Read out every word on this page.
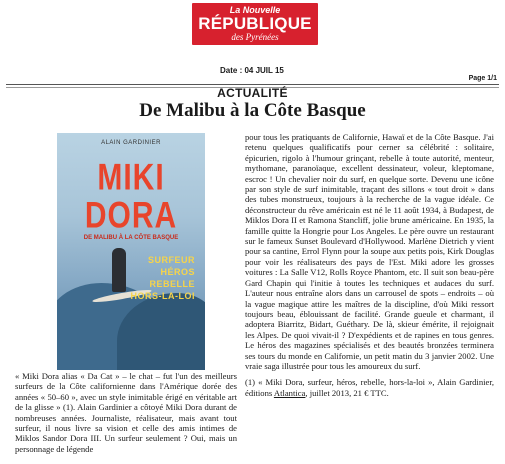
La Nouvelle
RÉPUBLIQUE
des Pyrénées
Date : 04 JUIL 15
Page 1/1
ACTUALITÉ
De Malibu à la Côte Basque
ALAIN GARDINIER
MIKI
DORA
DE MALIBU À LA CÔTE BASQUE
SURFEUR
HÉROS
REBELLE
HORS-LA-LOI

« Miki Dora alias « Da Cat » – le chat – fut l'un des meilleurs surfeurs de la Côte californienne dans l'Amérique dorée des années « 50–60 », avec un style inimitable érigé en véritable art de la glisse » (1). Alain Gardinier a côtoyé Miki Dora durant de nombreuses années. Journaliste, réalisateur, mais avant tout surfeur, il nous livre sa vision et celle des amis intimes de Miklos Sandor Dora III. Un surfeur seulement ? Oui, mais un personnage de légende

pour tous les pratiquants de Californie, Hawaï et de la Côte Basque. J'ai retenu quelques qualificatifs pour cerner sa célébrité : solitaire, épicurien, rigolo à l'humour grinçant, rebelle à toute autorité, menteur, mythomane, paranoïaque, excellent dessinateur, voleur, kleptomane, escroc ! Un chevalier noir du surf, en quelque sorte. Devenu une icône par son style de surf inimitable, traçant des sillons « tout droit » dans des tubes monstrueux, toujours à la recherche de la vague idéale. Ce déconstructeur du rêve américain est né le 11 août 1934, à Budapest, de Miklos Dora II et Ramona Stancliff, jolie brune américaine. En 1935, la famille quitte la Hongrie pour Los Angeles. Le père ouvre un restaurant sur le fameux Sunset Boulevard d'Hollywood. Marlène Dietrich y vient pour sa cantine, Errol Flynn pour la soupe aux petits pois, Kirk Douglas pour voir les réalisateurs des pays de l'Est. Miki adore les grosses voitures : La Salle V12, Rolls Royce Phantom, etc. Il suit son beau-père Gard Chapin qui l'initie à toutes les techniques et audaces du surf. L'auteur nous entraîne alors dans un carrousel de spots – endroits – où la vague magique attire les maîtres de la discipline, d'où Miki ressort toujours beau, éblouissant de facilité. Grande gueule et charmant, il adoptera Biarritz, Bidart, Guéthary. De là, skieur émérite, il rejoignait les Alpes. De quoi vivait-il ? D'expédients et de rapines en tous genres. Le héros des magazines spécialisés et des beautés bronzées terminera ses tours du monde en Californie, un petit matin du 3 janvier 2002. Une vraie saga illustrée pour tous les amoureux du surf.

(1) « Miki Dora, surfeur, héros, rebelle, hors-la-loi », Alain Gardinier, éditions Atlantica, juillet 2013, 21 € TTC.
